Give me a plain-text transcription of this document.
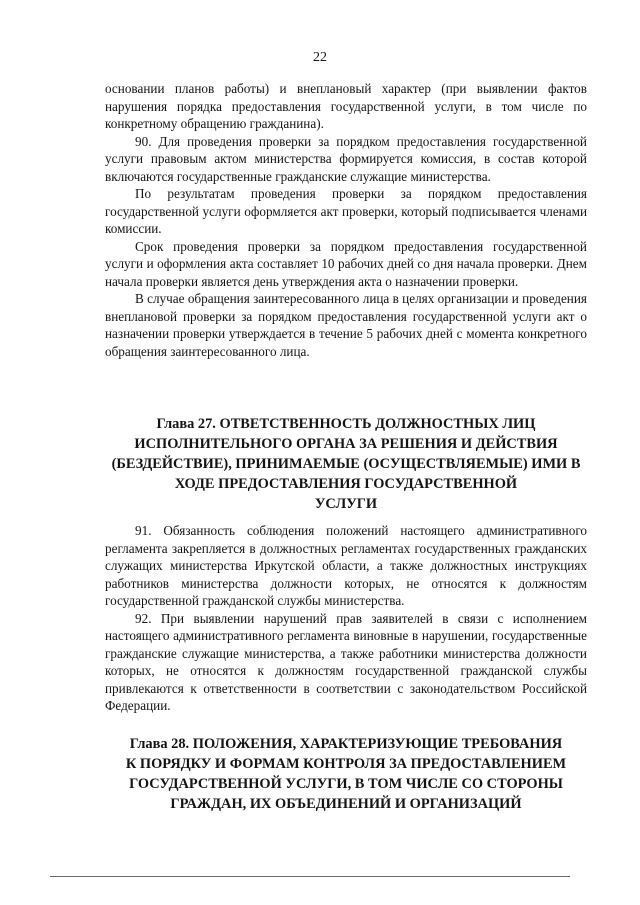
22

основании планов работы) и внеплановый характер (при выявлении фактов нарушения порядка предоставления государственной услуги, в том числе по конкретному обращению гражданина).

90. Для проведения проверки за порядком предоставления государственной услуги правовым актом министерства формируется комиссия, в состав которой включаются государственные гражданские служащие министерства.

По результатам проведения проверки за порядком предоставления государственной услуги оформляется акт проверки, который подписывается членами комиссии.

Срок проведения проверки за порядком предоставления государственной услуги и оформления акта составляет 10 рабочих дней со дня начала проверки. Днем начала проверки является день утверждения акта о назначении проверки.

В случае обращения заинтересованного лица в целях организации и проведения внеплановой проверки за порядком предоставления государственной услуги акт о назначении проверки утверждается в течение 5 рабочих дней с момента конкретного обращения заинтересованного лица.

Глава 27. ОТВЕТСТВЕННОСТЬ ДОЛЖНОСТНЫХ ЛИЦ
ИСПОЛНИТЕЛЬНОГО ОРГАНА ЗА РЕШЕНИЯ И ДЕЙСТВИЯ
(БЕЗДЕЙСТВИЕ), ПРИНИМАЕМЫЕ (ОСУЩЕСТВЛЯЕМЫЕ) ИМИ В
ХОДЕ ПРЕДОСТАВЛЕНИЯ ГОСУДАРСТВЕННОЙ
УСЛУГИ

91. Обязанность соблюдения положений настоящего административного регламента закрепляется в должностных регламентах государственных гражданских служащих министерства Иркутской области, а также должностных инструкциях работников министерства должности которых, не относятся к должностям государственной гражданской службы министерства.

92. При выявлении нарушений прав заявителей в связи с исполнением настоящего административного регламента виновные в нарушении, государственные гражданские служащие министерства, а также работники министерства должности которых, не относятся к должностям государственной гражданской службы привлекаются к ответственности в соответствии с законодательством Российской Федерации.

Глава 28. ПОЛОЖЕНИЯ, ХАРАКТЕРИЗУЮЩИЕ ТРЕБОВАНИЯ
К ПОРЯДКУ И ФОРМАМ КОНТРОЛЯ ЗА ПРЕДОСТАВЛЕНИЕМ
ГОСУДАРСТВЕННОЙ УСЛУГИ, В ТОМ ЧИСЛЕ СО СТОРОНЫ
ГРАЖДАН, ИХ ОБЪЕДИНЕНИЙ И ОРГАНИЗАЦИЙ
